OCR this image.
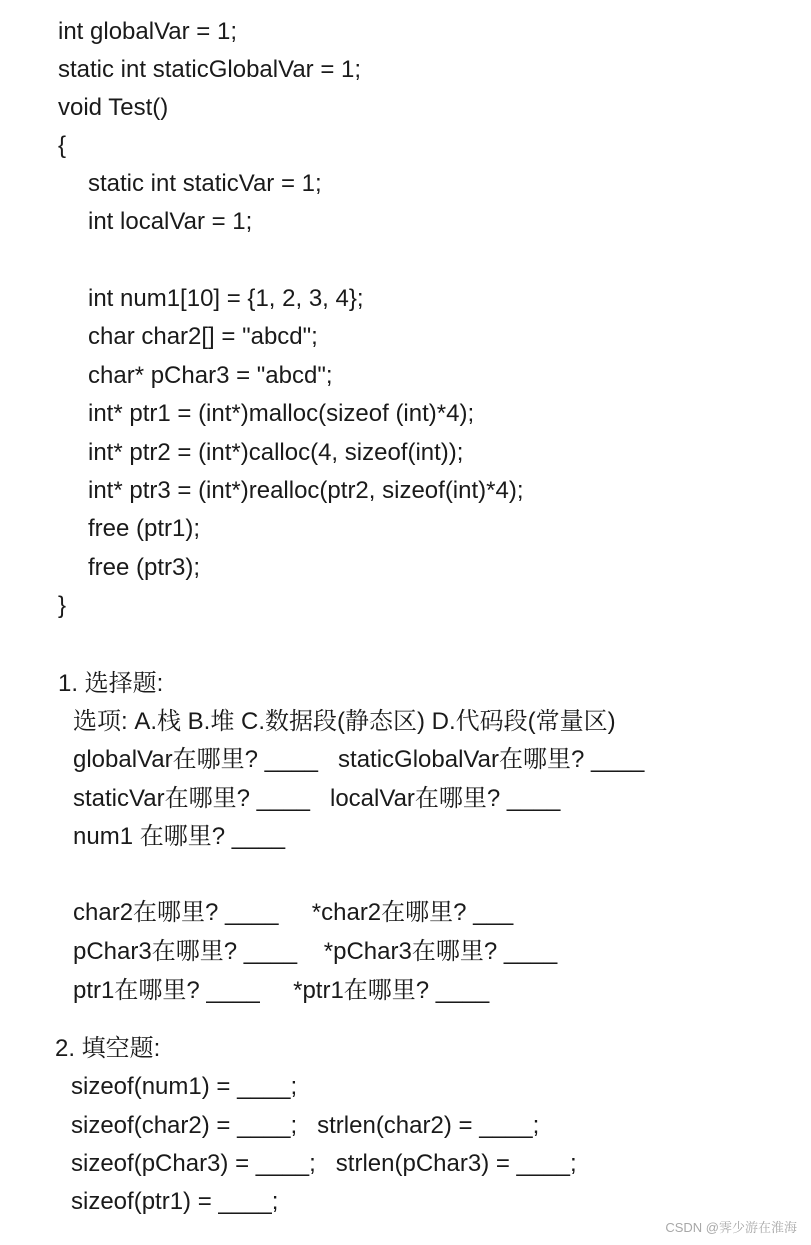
int globalVar = 1;
static int staticGlobalVar = 1;
void Test()
{
static int staticVar = 1;
int localVar = 1;
int num1[10] = {1, 2, 3, 4};
char char2[] = "abcd";
char* pChar3 = "abcd";
int* ptr1 = (int*)malloc(sizeof (int)*4);
int* ptr2 = (int*)calloc(4, sizeof(int));
int* ptr3 = (int*)realloc(ptr2, sizeof(int)*4);
free (ptr1);
free (ptr3);
}
1. 选择题:
选项: A.栈 B.堆 C.数据段(静态区) D.代码段(常量区)
globalVar在哪里? ____   staticGlobalVar在哪里? ____
staticVar在哪里? ____   localVar在哪里? ____
num1 在哪里? ____
char2在哪里? ____     *char2在哪里? ___
pChar3在哪里? ____    *pChar3在哪里? ____
ptr1在哪里? ____     *ptr1在哪里? ____
2. 填空题:
sizeof(num1) = ____;
sizeof(char2) = ____;   strlen(char2) = ____;
sizeof(pChar3) = ____;   strlen(pChar3) = ____;
sizeof(ptr1) = ____;
CSDN @霁少游在淮海
